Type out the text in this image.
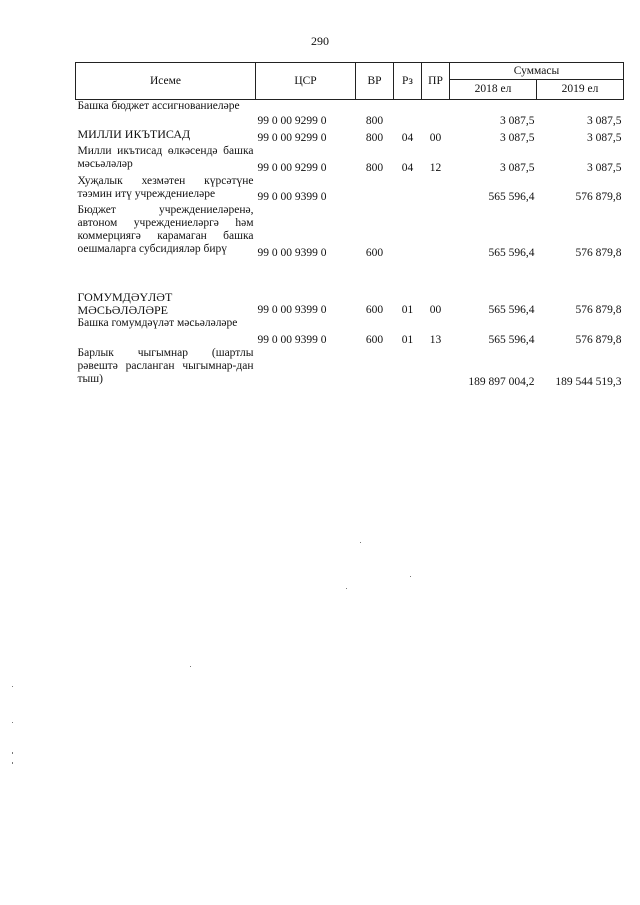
290
Исеме	ЦСР	ВР	Рз	ПР	Суммасы	
					2018 ел	2019 ел
Башка бюджет ассигнованиеләре	99 0 00 9299 0	800			3 087,5	3 087,5
МИЛЛИ ИКЪТИСАД	99 0 00 9299 0	800	04	00	3 087,5	3 087,5
Милли икътисад өлкәсендә башка мәсьәләләр	99 0 00 9299 0	800	04	12	3 087,5	3 087,5
Хуҗалык хезмәтен күрсәтүне тәэмин итү учреждениеләре	99 0 00 9399 0				565 596,4	576 879,8
Бюджет учреждениеләренә, автоном учреждениеләргә һәм коммерциягә карамаган башка оешмаларга субсидияләр бирү	99 0 00 9399 0	600			565 596,4	576 879,8
ГОМУМДӘҮЛӘТ МӘСЬӘЛӘЛӘРЕ	99 0 00 9399 0	600	01	00	565 596,4	576 879,8
Башка гомумдәүләт мәсьәләләре	99 0 00 9399 0	600	01	13	565 596,4	576 879,8
Барлык чыгымнар (шартлы рәвештә расланган чыгымнар-дан тыш)					189 897 004,2	189 544 519,3
